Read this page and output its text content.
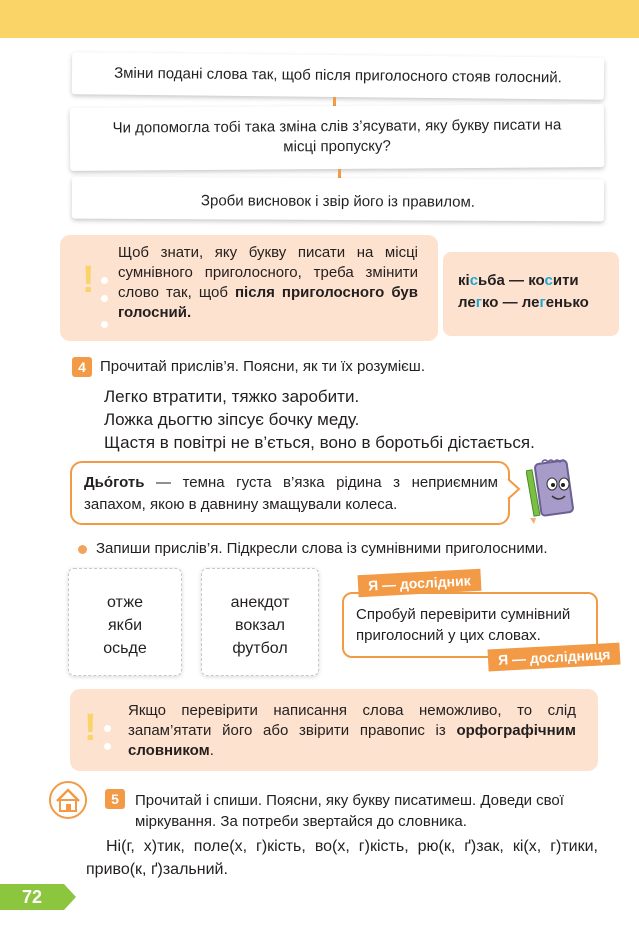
Зміни подані слова так, щоб після приголосного стояв голосний.
Чи допомогла тобі така зміна слів з’ясувати, яку букву писати на місці пропуску?
Зроби висновок і звір його із правилом.
!
Щоб знати, яку букву писати на місці сумнівного приголосного, треба змінити слово так, щоб після приголосного був голосний.
кісьба — косити
легко — легенько
4 Прочитай прислів’я. Поясни, як ти їх розумієш.
Легко втратити, тяжко заробити.
Ложка дьогтю зіпсує бочку меду.
Щастя в повітрі не в’ється, воно в боротьбі дістається.
Дьо́готь — темна густа в’язка рідина з неприємним запахом, якою в давнину змащували колеса.
Запиши прислів’я. Підкресли слова із сумнівними приголосними.
отже
якби
осьде
анекдот
вокзал
футбол
Спробуй перевірити сумнівний приголосний у цих словах.
Я — дослідник
Я — дослідниця
! Якщо перевірити написання слова неможливо, то слід запам’ятати його або звірити правопис із орфографічним словником.
5	Прочитай і спиши. Поясни, яку букву писатимеш. Доведи свої міркування. За потреби звертайся до словника.
Ні(г, х)тик, поле(х, г)кість, во(х, г)кість, рю(к, ґ)зак, кі(х, г)тики, приво(к, ґ)зальний.
72
